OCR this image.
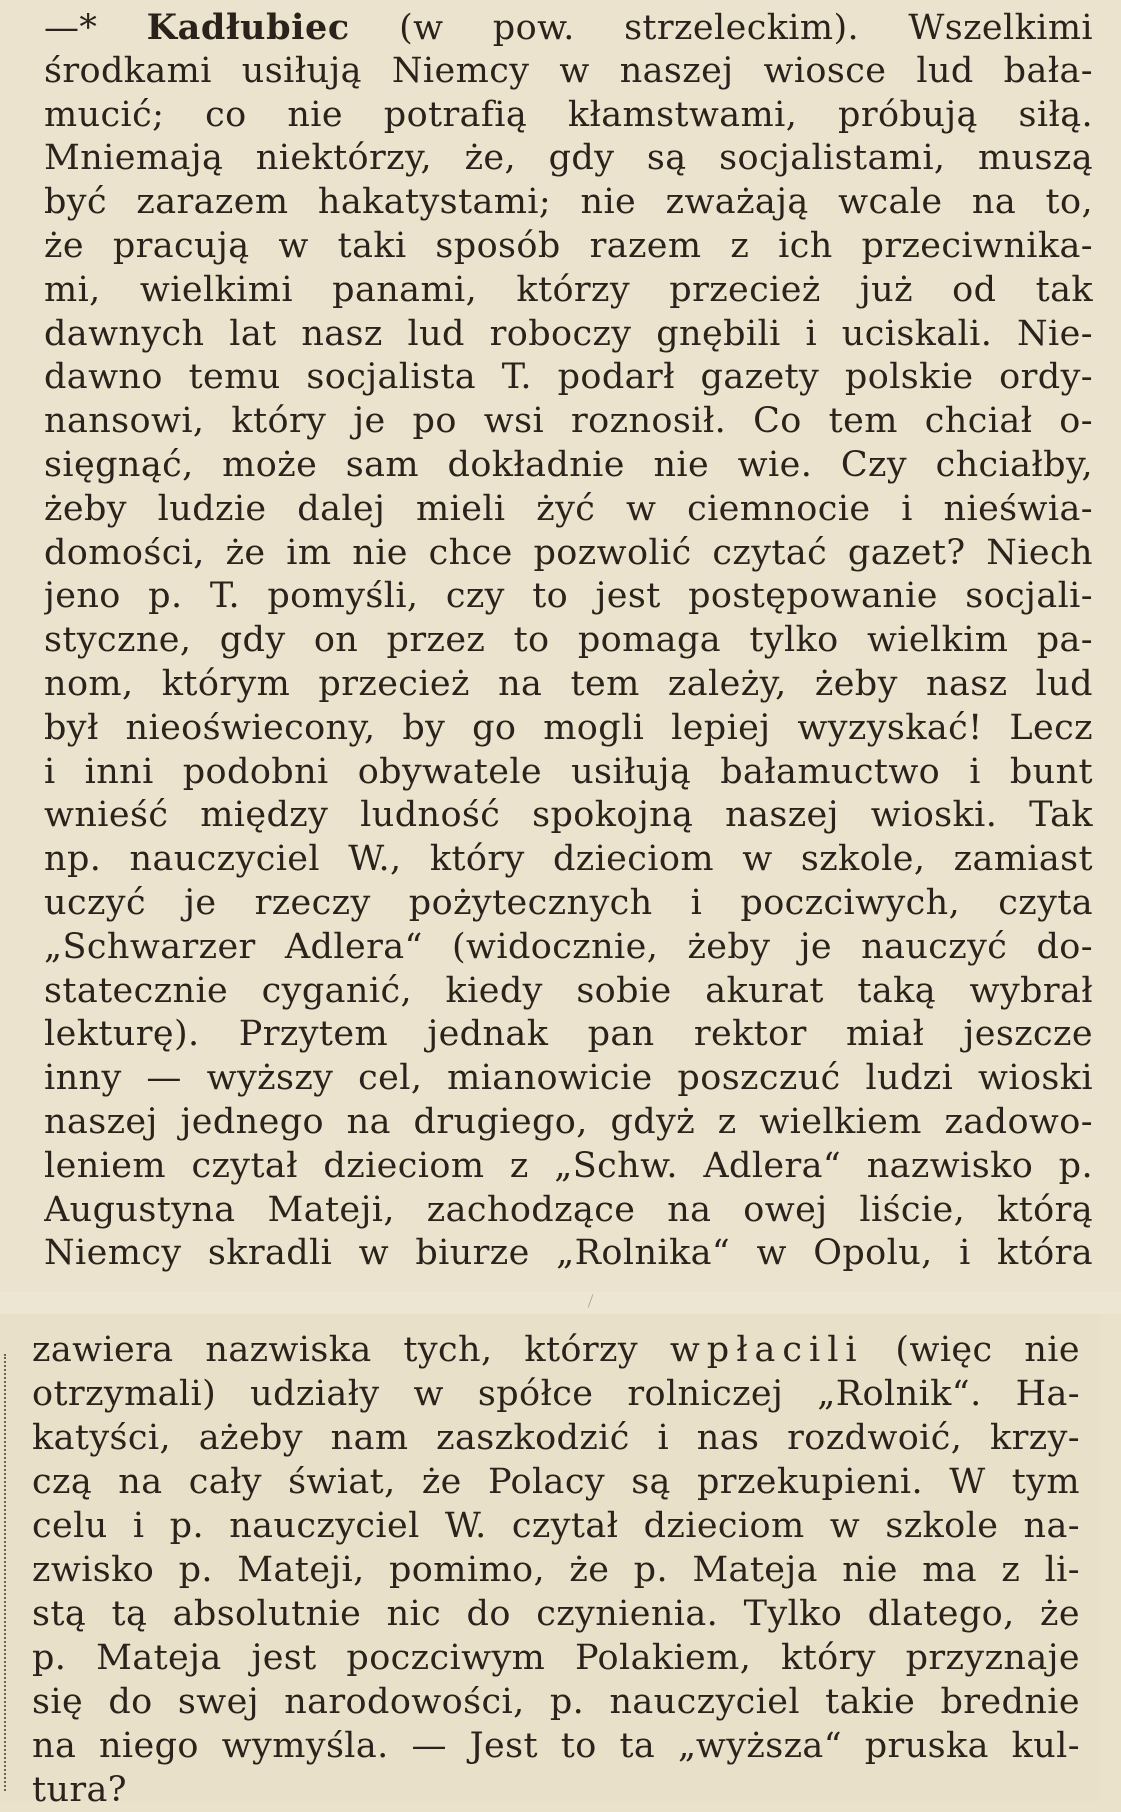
—* Kadłubiec (w pow. strzeleckim). Wszelkimi
środkami usiłują Niemcy w naszej wiosce lud bała-
mucić; co nie potrafią kłamstwami, próbują siłą.
Mniemają niektórzy, że, gdy są socjalistami, muszą
być zarazem hakatystami; nie zważają wcale na to,
że pracują w taki sposób razem z ich przeciwnika-
mi, wielkimi panami, którzy przecież już od tak
dawnych lat nasz lud roboczy gnębili i uciskali. Nie-
dawno temu socjalista T. podarł gazety polskie ordy-
nansowi, który je po wsi roznosił. Co tem chciał o-
sięgnąć, może sam dokładnie nie wie. Czy chciałby,
żeby ludzie dalej mieli żyć w ciemnocie i nieświa-
domości, że im nie chce pozwolić czytać gazet? Niech
jeno p. T. pomyśli, czy to jest postępowanie socjali-
styczne, gdy on przez to pomaga tylko wielkim pa-
nom, którym przecież na tem zależy, żeby nasz lud
był nieoświecony, by go mogli lepiej wyzyskać! Lecz
i inni podobni obywatele usiłują bałamuctwo i bunt
wnieść między ludność spokojną naszej wioski. Tak
np. nauczyciel W., który dzieciom w szkole, zamiast
uczyć je rzeczy pożytecznych i poczciwych, czyta
„Schwarzer Adlera“ (widocznie, żeby je nauczyć do-
statecznie cyganić, kiedy sobie akurat taką wybrał
lekturę). Przytem jednak pan rektor miał jeszcze
inny — wyższy cel, mianowicie poszczuć ludzi wioski
naszej jednego na drugiego, gdyż z wielkiem zadowo-
leniem czytał dzieciom z „Schw. Adlera“ nazwisko p.
Augustyna Mateji, zachodzące na owej liście, którą
Niemcy skradli w biurze „Rolnika“ w Opolu, i która
zawiera nazwiska tych, którzy wpłacili (więc nie
otrzymali) udziały w spółce rolniczej „Rolnik“. Ha-
katyści, ażeby nam zaszkodzić i nas rozdwoić, krzy-
czą na cały świat, że Polacy są przekupieni. W tym
celu i p. nauczyciel W. czytał dzieciom w szkole na-
zwisko p. Mateji, pomimo, że p. Mateja nie ma z li-
stą tą absolutnie nic do czynienia. Tylko dlatego, że
p. Mateja jest poczciwym Polakiem, który przyznaje
się do swej narodowości, p. nauczyciel takie brednie
na niego wymyśla. — Jest to ta „wyższa“ pruska kul-
tura?
